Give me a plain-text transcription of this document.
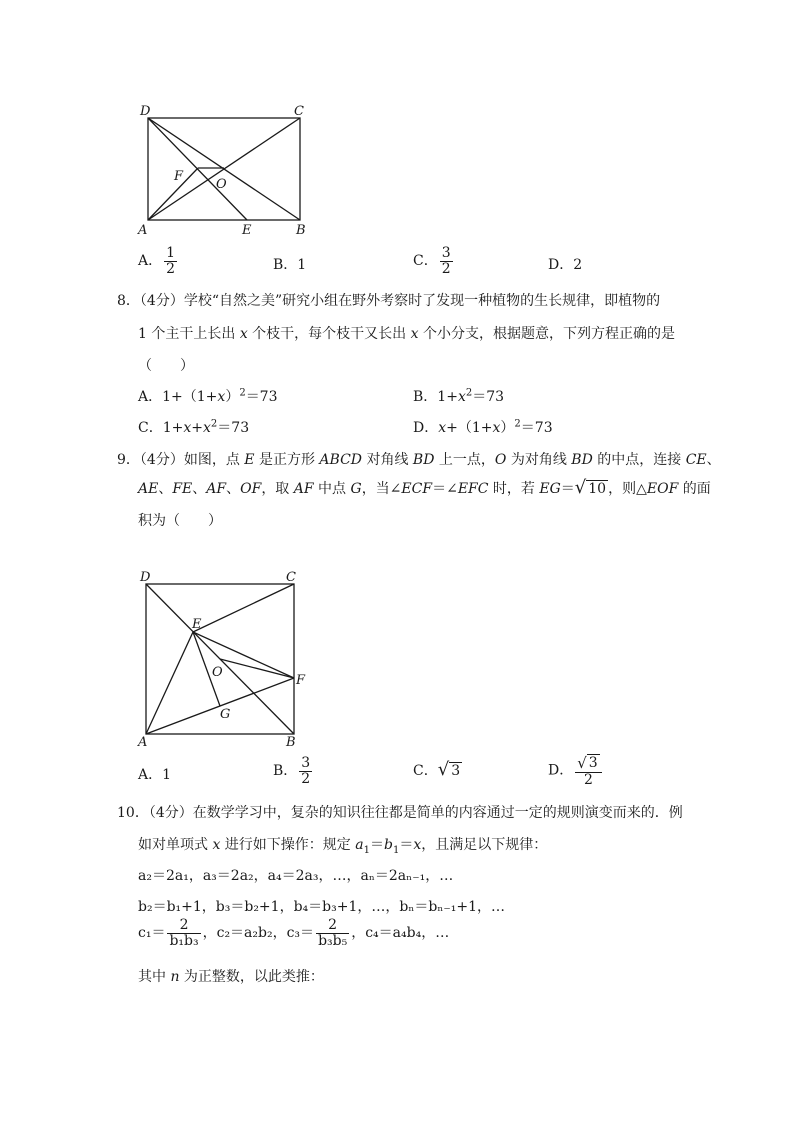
D	C
F
O
A	E	B
A． $\frac{1}{2}$	B．1	C． $\frac{3}{2}$	D．2
8．（4分）学校“自然之美”研究小组在野外考察时了发现一种植物的生长规律，即植物的
1 个主干上长出 x 个枝干，每个枝干又长出 x 个小分支，根据题意，下列方程正确的是
（　　）
A．$1+(1+x)^2=73$	B．$1+x^2=73$
C．$1+x+x^2=73$	D．$x+(1+x)^2=73$
9．（4分）如图，点 E 是正方形 ABCD 对角线 BD 上一点，O 为对角线 BD 的中点，连接 CE、
AE、FE、AF、OF，取 AF 中点 G，当∠ECF＝∠EFC 时，若 EG＝ √ 10 ，则△EOF 的面
积为（　　）
D	C
E
O
F
G
A	B
A．1	B． $\frac{3}{2}$	C． √ 3	D． $\frac{√ 3}{2}$
10．（4分）在数学学习中，复杂的知识往往都是简单的内容通过一定的规则演变而来的．例
如对单项式 x 进行如下操作：规定 $a_1=b_1=x$，且满足以下规律：
a₂＝2a₁，a₃＝2a₂，a₄＝2a₃，…，aₙ＝2aₙ₋₁，…
b₂＝b₁+1，b₃＝b₂+1，b₄＝b₃+1，…，bₙ＝bₙ₋₁+1，…
$c_1= \frac{2}{\text{b₁b₃}}$ ，c₂＝a₂b₂，$c_3= \frac{2}{\text{b₃b₅}}$ ，c₄＝a₄b₄，…
其中 n 为正整数，以此类推：
